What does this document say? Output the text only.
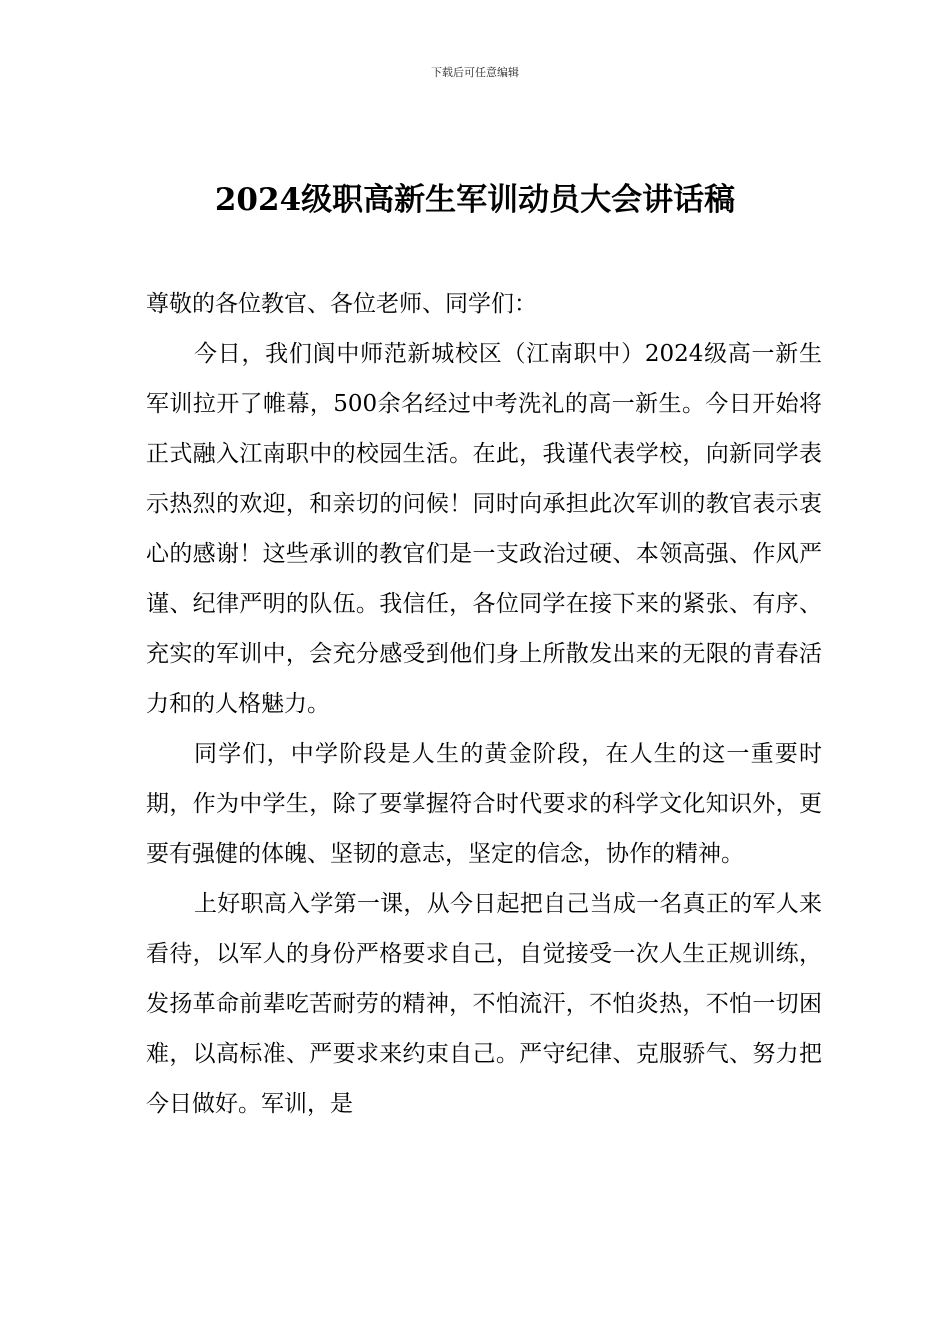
下载后可任意编辑
2024级职高新生军训动员大会讲话稿

尊敬的各位教官、各位老师、同学们：

今日，我们阆中师范新城校区（江南职中）2024级高一新生军训拉开了帷幕，500余名经过中考洗礼的高一新生。今日开始将正式融入江南职中的校园生活。在此，我谨代表学校，向新同学表示热烈的欢迎，和亲切的问候！同时向承担此次军训的教官表示衷心的感谢！这些承训的教官们是一支政治过硬、本领高强、作风严谨、纪律严明的队伍。我信任，各位同学在接下来的紧张、有序、充实的军训中，会充分感受到他们身上所散发出来的无限的青春活力和的人格魅力。

同学们，中学阶段是人生的黄金阶段，在人生的这一重要时期，作为中学生，除了要掌握符合时代要求的科学文化知识外，更要有强健的体魄、坚韧的意志，坚定的信念，协作的精神。

上好职高入学第一课，从今日起把自己当成一名真正的军人来看待，以军人的身份严格要求自己，自觉接受一次人生正规训练，发扬革命前辈吃苦耐劳的精神，不怕流汗，不怕炎热，不怕一切困难，以高标准、严要求来约束自己。严守纪律、克服骄气、努力把今日做好。军训，是
